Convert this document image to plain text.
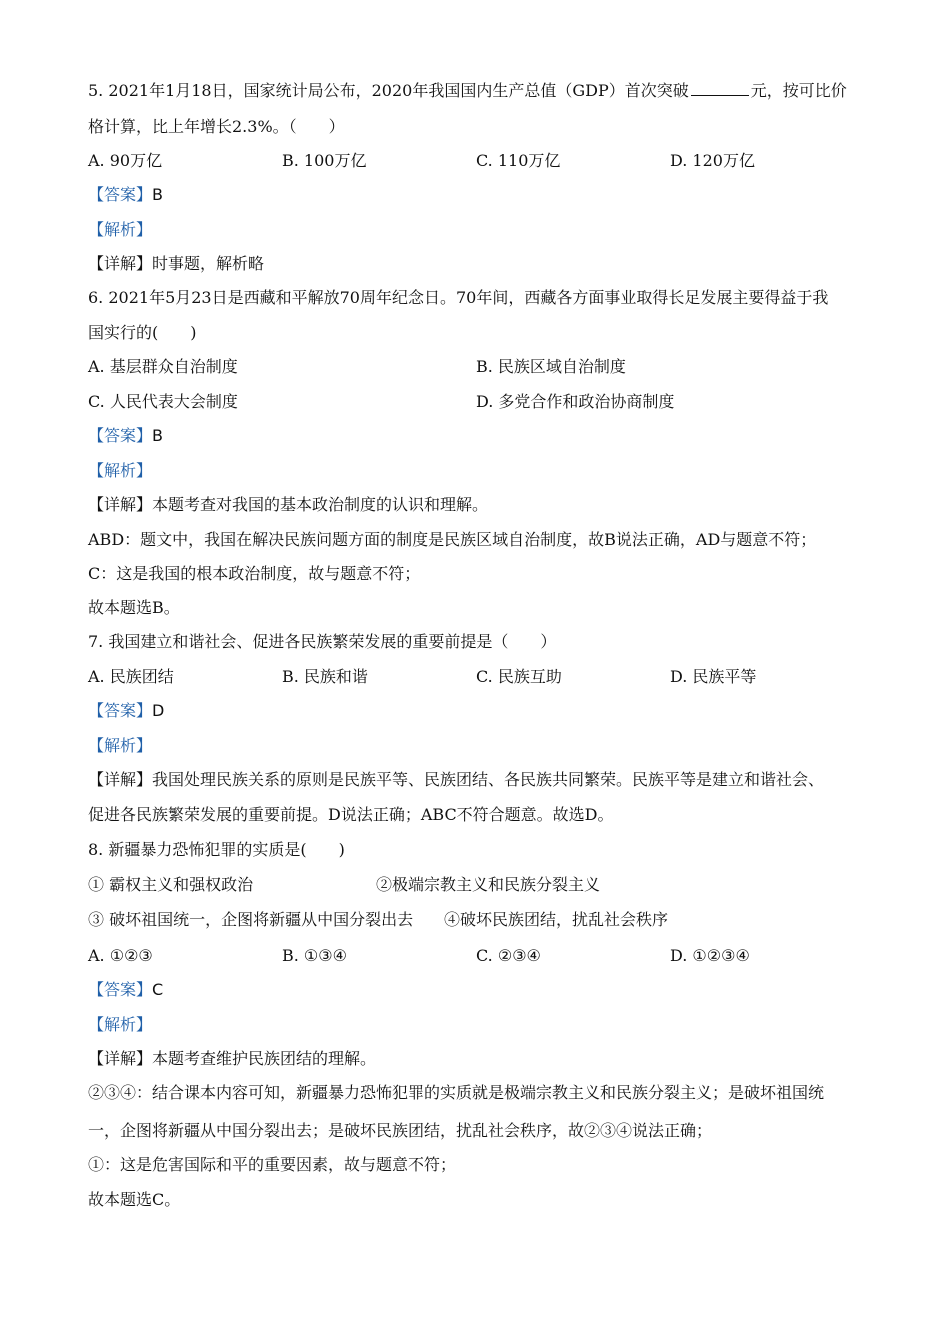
5. 2021年1月18日，国家统计局公布，2020年我国国内生产总值（GDP）首次突破	元，按可比价
格计算，比上年增长2.3%。（　　）
A. 90万亿	B. 100万亿	C. 110万亿	D. 120万亿
【答案】B
【解析】
【详解】时事题，解析略
6. 2021年5月23日是西藏和平解放70周年纪念日。70年间，西藏各方面事业取得长足发展主要得益于我
国实行的(　　)
A. 基层群众自治制度	B. 民族区域自治制度
C. 人民代表大会制度	D. 多党合作和政治协商制度
【答案】B
【解析】
【详解】本题考查对我国的基本政治制度的认识和理解。
ABD：题文中，我国在解决民族问题方面的制度是民族区域自治制度，故B说法正确，AD与题意不符；
C：这是我国的根本政治制度，故与题意不符；
故本题选B。
7. 我国建立和谐社会、促进各民族繁荣发展的重要前提是（　　）
A. 民族团结	B. 民族和谐	C. 民族互助	D. 民族平等
【答案】D
【解析】
【详解】我国处理民族关系的原则是民族平等、民族团结、各民族共同繁荣。民族平等是建立和谐社会、
促进各民族繁荣发展的重要前提。D说法正确；ABC不符合题意。故选D。
8. 新疆暴力恐怖犯罪的实质是(　　)
① 霸权主义和强权政治	②极端宗教主义和民族分裂主义
③ 破坏祖国统一，企图将新疆从中国分裂出去 ④破坏民族团结，扰乱社会秩序
A. ①②③	B. ①③④	C. ②③④	D. ①②③④
【答案】C
【解析】
【详解】本题考查维护民族团结的理解。
②③④：结合课本内容可知，新疆暴力恐怖犯罪的实质就是极端宗教主义和民族分裂主义；是破坏祖国统
一，企图将新疆从中国分裂出去；是破坏民族团结，扰乱社会秩序，故②③④说法正确；
①：这是危害国际和平的重要因素，故与题意不符；
故本题选C。
